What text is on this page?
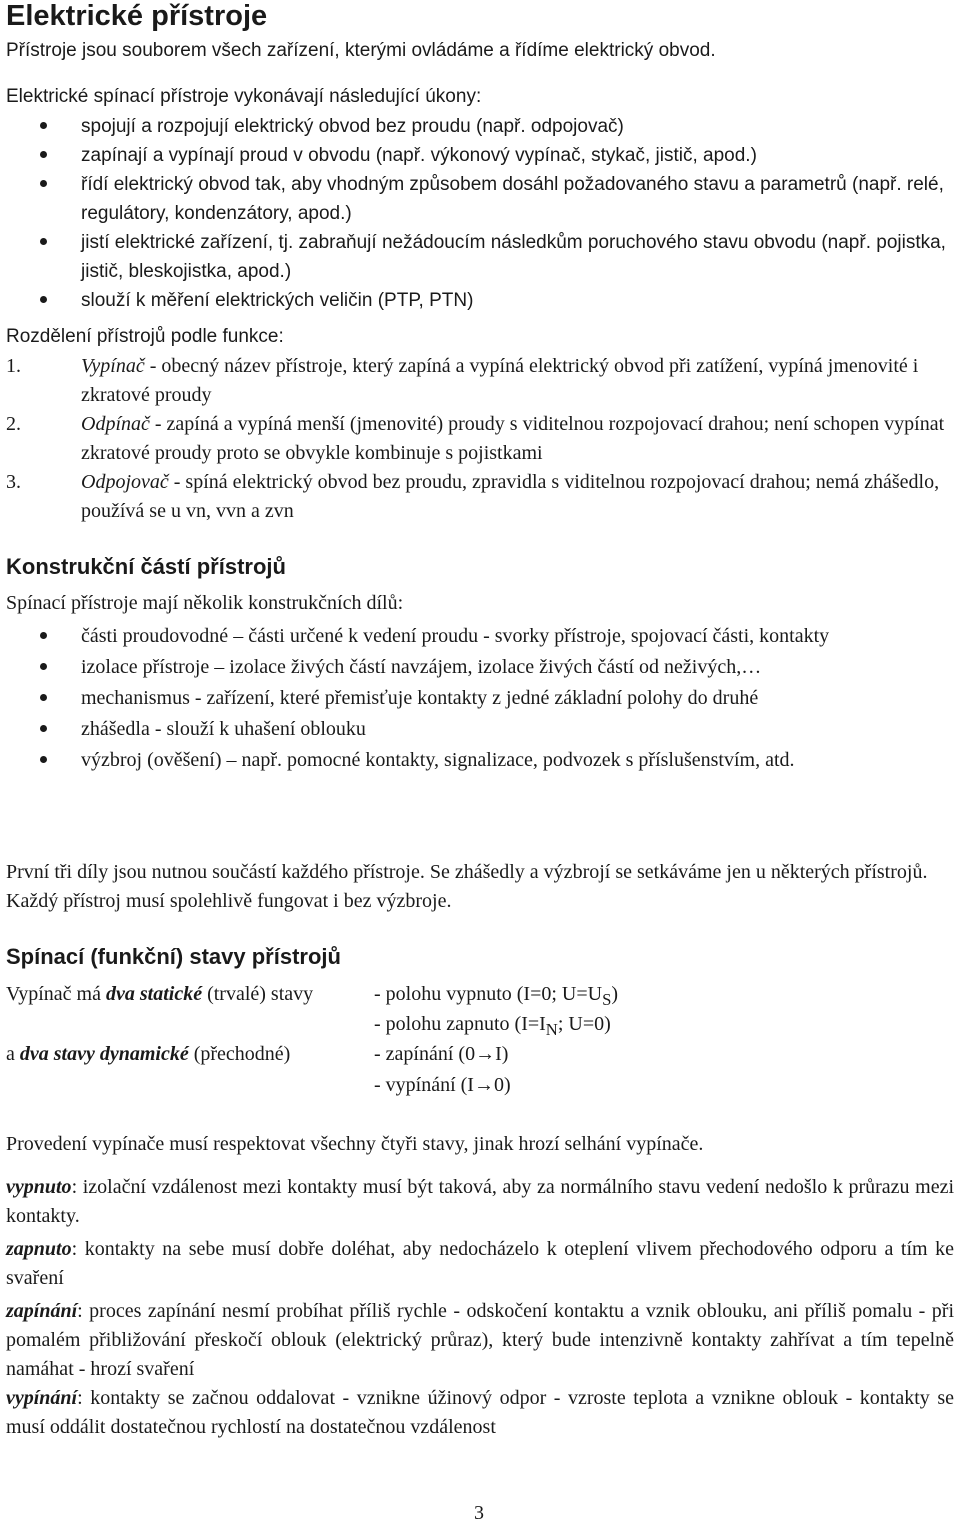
Elektrické přístroje

Přístroje jsou souborem všech zařízení, kterými ovládáme a řídíme elektrický obvod.

Elektrické spínací přístroje vykonávají následující úkony:

spojují a rozpojují elektrický obvod bez proudu (např. odpojovač)
zapínají a vypínají proud v obvodu (např. výkonový vypínač, stykač, jistič, apod.)
řídí elektrický obvod tak, aby vhodným způsobem dosáhl požadovaného stavu a parametrů (např. relé, regulátory, kondenzátory, apod.)
jistí elektrické zařízení, tj. zabraňují nežádoucím následkům poruchového stavu obvodu (např. pojistka, jistič, bleskojistka, apod.)
slouží k měření elektrických veličin (PTP, PTN)

Rozdělení přístrojů podle funkce:

1.	Vypínač - obecný název přístroje, který zapíná a vypíná elektrický obvod při zatížení, vypíná jmenovité i zkratové proudy
2.	Odpínač - zapíná a vypíná menší (jmenovité) proudy s viditelnou rozpojovací drahou; není schopen vypínat zkratové proudy proto se obvykle kombinuje s pojistkami
3.	Odpojovač - spíná elektrický obvod bez proudu, zpravidla s viditelnou rozpojovací drahou; nemá zhášedlo, používá se u vn, vvn a zvn
Konstrukční částí přístrojů

Spínací přístroje mají několik konstrukčních dílů:

části proudovodné – části určené k vedení proudu - svorky přístroje, spojovací části, kontakty
izolace přístroje – izolace živých částí navzájem, izolace živých částí od neživých,…
mechanismus - zařízení, které přemisťuje kontakty z jedné základní polohy do druhé
zhášedla - slouží k uhašení oblouku
výzbroj (ověšení) – např. pomocné kontakty, signalizace, podvozek s příslušenstvím, atd.

První tři díly jsou nutnou součástí každého přístroje. Se zhášedly a výzbrojí se setkáváme jen u některých přístrojů. Každý přístroj musí spolehlivě fungovat i bez výzbroje.

Spínací (funkční) stavy přístrojů
Vypínač má dva statické (trvalé) stavy	- polohu vypnuto (I=0; $U=U_S$)
- polohu zapnuto ($I=I_N$; U=0)
a dva stavy dynamické (přechodné)	- zapínání (0→I)
- vypínání (I→0)

Provedení vypínače musí respektovat všechny čtyři stavy, jinak hrozí selhání vypínače.

vypnuto: izolační vzdálenost mezi kontakty musí být taková, aby za normálního stavu vedení nedošlo k průrazu mezi kontakty.

zapnuto: kontakty na sebe musí dobře doléhat, aby nedocházelo k oteplení vlivem přechodového odporu a tím ke svaření

zapínání: proces zapínání nesmí probíhat příliš rychle - odskočení kontaktu a vznik oblouku, ani příliš pomalu - při pomalém přibližování přeskočí oblouk (elektrický průraz), který bude intenzivně kontakty zahřívat a tím tepelně namáhat - hrozí svaření

vypínání: kontakty se začnou oddalovat - vznikne úžinový odpor - vzroste teplota a vznikne oblouk - kontakty se musí oddálit dostatečnou rychlostí na dostatečnou vzdálenost

3
